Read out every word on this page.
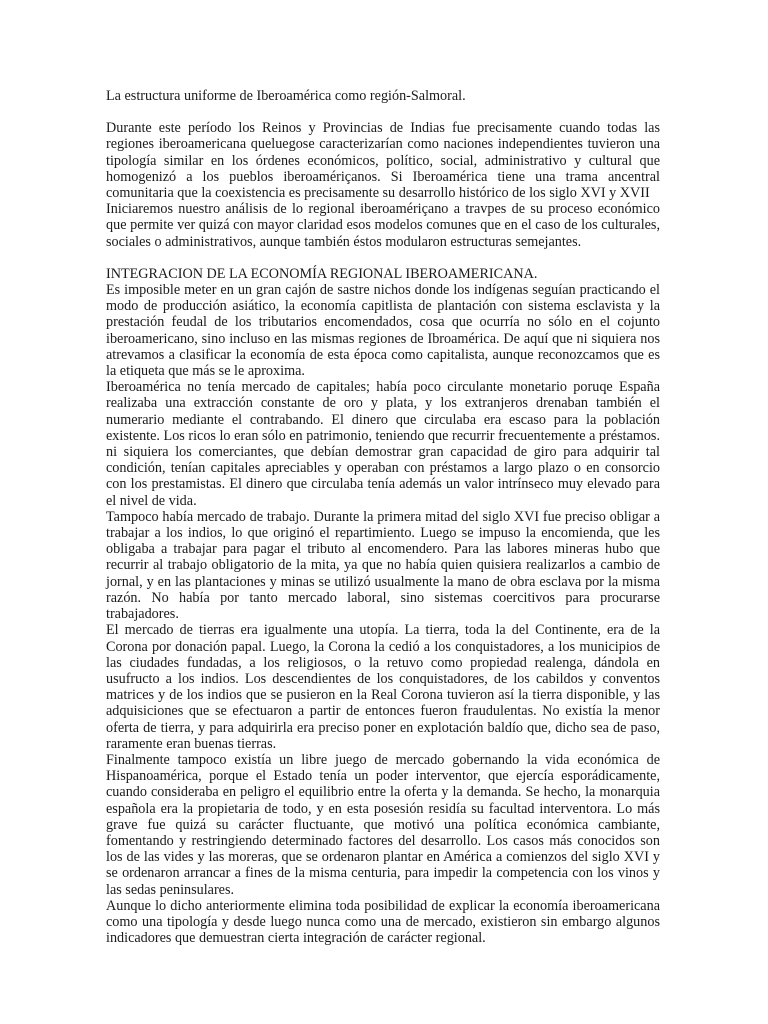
La estructura uniforme de Iberoamérica como región-Salmoral.

Durante este período los Reinos y Provincias de Indias fue precisamente cuando todas las regiones iberoamericana queluegose caracterizarían como naciones independientes tuvieron una tipología similar en los órdenes económicos, político, social, administrativo y cultural que homogenizó a los pueblos iberoamériçanos. Si Iberoamérica tiene una trama ancentral comunitaria que la coexistencia es precisamente su desarrollo histórico de los siglo XVI y XVII

Iniciaremos nuestro análisis de lo regional iberoamériçano a travpes de su proceso económico que permite ver quizá con mayor claridad esos modelos comunes que en el caso de los culturales, sociales o administrativos, aunque también éstos modularon estructuras semejantes.

INTEGRACION DE LA ECONOMÍA REGIONAL IBEROAMERICANA.

Es imposible meter en un gran cajón de sastre nichos donde los indígenas seguían practicando el modo de producción asiático, la economía capitlista de plantación con sistema esclavista y la prestación feudal de los tributarios encomendados, cosa que ocurría no sólo en el cojunto iberoamericano, sino incluso en las mismas regiones de Ibroamérica. De aquí que ni siquiera nos atrevamos a clasificar la economía de esta época como capitalista, aunque reconozcamos que es la etiqueta que más se le aproxima.

Iberoamérica no tenía mercado de capitales; había poco circulante monetario poruqe España realizaba una extracción constante de oro y plata, y los extranjeros drenaban también el numerario mediante el contrabando. El dinero que circulaba era escaso para la población existente. Los ricos lo eran sólo en patrimonio, teniendo que recurrir frecuentemente a préstamos. ni siquiera los comerciantes, que debían demostrar gran capacidad de giro para adquirir tal condición, tenían capitales apreciables y operaban con préstamos a largo plazo o en consorcio con los prestamistas. El dinero que circulaba tenía además un valor intrínseco muy elevado para el nivel de vida.

Tampoco había mercado de trabajo. Durante la primera mitad del siglo XVI fue preciso obligar a trabajar a los indios, lo que originó el repartimiento. Luego se impuso la encomienda, que les obligaba a trabajar para pagar el tributo al encomendero. Para las labores mineras hubo que recurrir al trabajo obligatorio de la mita, ya que no había quien quisiera realizarlos a cambio de jornal, y en las plantaciones y minas se utilizó usualmente la mano de obra esclava por la misma razón. No había por tanto mercado laboral, sino sistemas coercitivos para procurarse trabajadores.

El mercado de tierras era igualmente una utopía. La tierra, toda la del Continente, era de la Corona por donación papal. Luego, la Corona la cedió a los conquistadores, a los municipios de las ciudades fundadas, a los religiosos, o la retuvo como propiedad realenga, dándola en usufructo a los indios. Los descendientes de los conquistadores, de los cabildos y conventos matrices y de los indios que se pusieron en la Real Corona tuvieron así la tierra disponible, y las adquisiciones que se efectuaron a partir de entonces fueron fraudulentas. No existía la menor oferta de tierra, y para adquirirla era preciso poner en explotación baldío que, dicho sea de paso, raramente eran buenas tierras.

Finalmente tampoco existía un libre juego de mercado gobernando la vida económica de Hispanoamérica, porque el Estado tenía un poder interventor, que ejercía esporádicamente, cuando consideraba en peligro el equilibrio entre la oferta y la demanda. Se hecho, la monarquia española era la propietaria de todo, y en esta posesión residía su facultad interventora. Lo más grave fue quizá su carácter fluctuante, que motivó una política económica cambiante, fomentando y restringiendo determinado factores del desarrollo. Los casos más conocidos son los de las vides y las moreras, que se ordenaron plantar en América a comienzos del siglo XVI y se ordenaron arrancar a fines de la misma centuria, para impedir la competencia con los vinos y las sedas peninsulares.

Aunque lo dicho anteriormente elimina toda posibilidad de explicar la economía iberoamericana como una tipología y desde luego nunca como una de mercado, existieron sin embargo algunos indicadores que demuestran cierta integración de carácter regional.
